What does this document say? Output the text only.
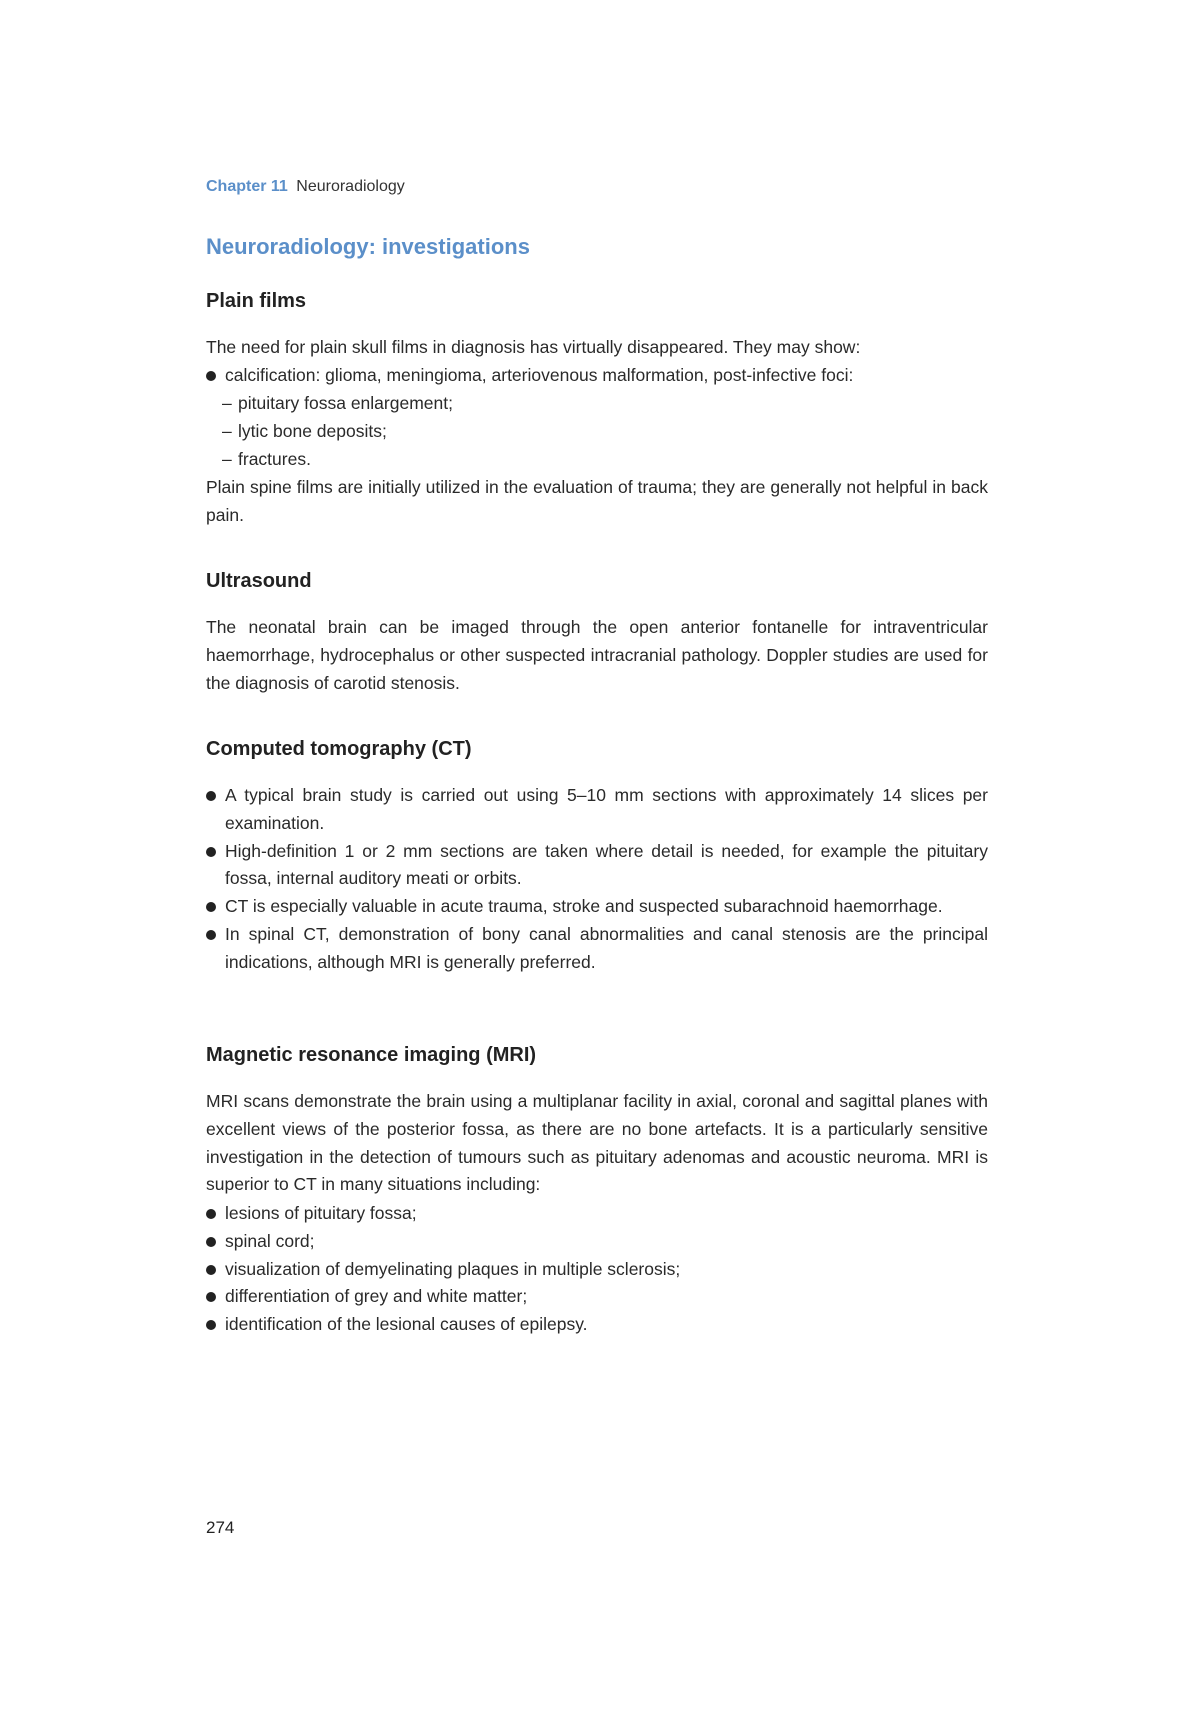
Chapter 11 Neuroradiology
Neuroradiology: investigations
Plain films

The need for plain skull films in diagnosis has virtually disappeared. They may show:

calcification: glioma, meningioma, arteriovenous malformation, post-infective foci:
– pituitary fossa enlargement;
– lytic bone deposits;
– fractures.

Plain spine films are initially utilized in the evaluation of trauma; they are generally not helpful in back pain.

Ultrasound

The neonatal brain can be imaged through the open anterior fontanelle for intraventricular haemorrhage, hydrocephalus or other suspected intracranial pathology. Doppler studies are used for the diagnosis of carotid stenosis.

Computed tomography (CT)
A typical brain study is carried out using 5–10 mm sections with approximately 14 slices per examination.
High-definition 1 or 2 mm sections are taken where detail is needed, for example the pituitary fossa, internal auditory meati or orbits.
CT is especially valuable in acute trauma, stroke and suspected subarachnoid haemorrhage.
In spinal CT, demonstration of bony canal abnormalities and canal stenosis are the principal indications, although MRI is generally preferred.
Magnetic resonance imaging (MRI)

MRI scans demonstrate the brain using a multiplanar facility in axial, coronal and sagittal planes with excellent views of the posterior fossa, as there are no bone artefacts. It is a particularly sensitive investigation in the detection of tumours such as pituitary adenomas and acoustic neuroma. MRI is superior to CT in many situations including:

lesions of pituitary fossa;
spinal cord;
visualization of demyelinating plaques in multiple sclerosis;
differentiation of grey and white matter;
identification of the lesional causes of epilepsy.
274
